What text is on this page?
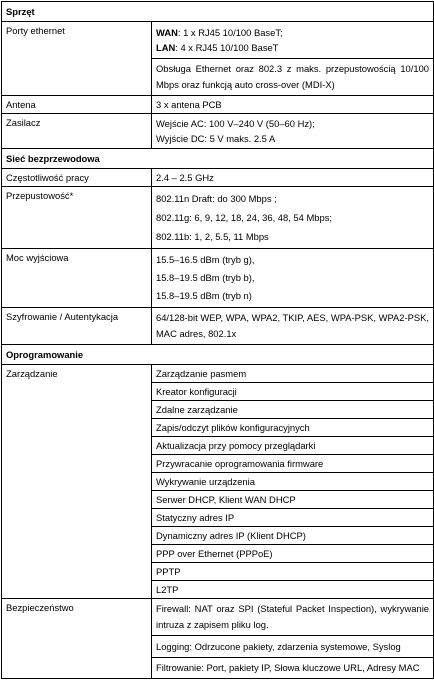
Sprzęt	
Porty ethernet	WAN: 1 x RJ45 10/100 BaseT;
LAN: 4 x RJ45 10/100 BaseT

	Obsługa Ethernet oraz 802.3 z maks. przepustowością 10/100 Mbps oraz funkcją auto cross-over (MDI-X)
Antena	3 x antena PCB
Zasilacz	Wejście AC: 100 V–240 V (50–60 Hz);
Wyjście DC: 5 V maks. 2.5 A

Sieć bezprzewodowa	
Częstotliwość pracy	2.4 – 2.5 GHz
Przepustowość*	802.11n Draft: do 300 Mbps ;
802.11g: 6, 9, 12, 18, 24, 36, 48, 54 Mbps;
802.11b: 1, 2, 5.5, 11 Mbps

Moc wyjściowa	15.5–16.5 dBm (tryb g),
15.8–19.5 dBm (tryb b),
15.8–19.5 dBm (tryb n)

Szyfrowanie / Autentykacja	64/128-bit WEP, WPA, WPA2, TKIP, AES, WPA-PSK, WPA2-PSK, MAC adres, 802.1x
Oprogramowanie	
Zarządzanie	Zarządzanie pasmem
	Kreator konfiguracji
	Zdalne zarządzanie
	Zapis/odczyt plików konfiguracyjnych
	Aktualizacja przy pomocy przeglądarki
	Przywracanie oprogramowania firmware
	Wykrywanie urządzenia
	Serwer DHCP, Klient WAN DHCP
	Statyczny adres IP
	Dynamiczny adres IP (Klient DHCP)
	PPP over Ethernet (PPPoE)
	PPTP
	L2TP
Bezpieczeństwo	Firewall: NAT oraz SPI (Stateful Packet Inspection), wykrywanie intruza z zapisem pliku log.
	Logging: Odrzucone pakiety, zdarzenia systemowe, Syslog
	Filtrowanie: Port, pakiety IP, Słowa kluczowe URL, Adresy MAC
